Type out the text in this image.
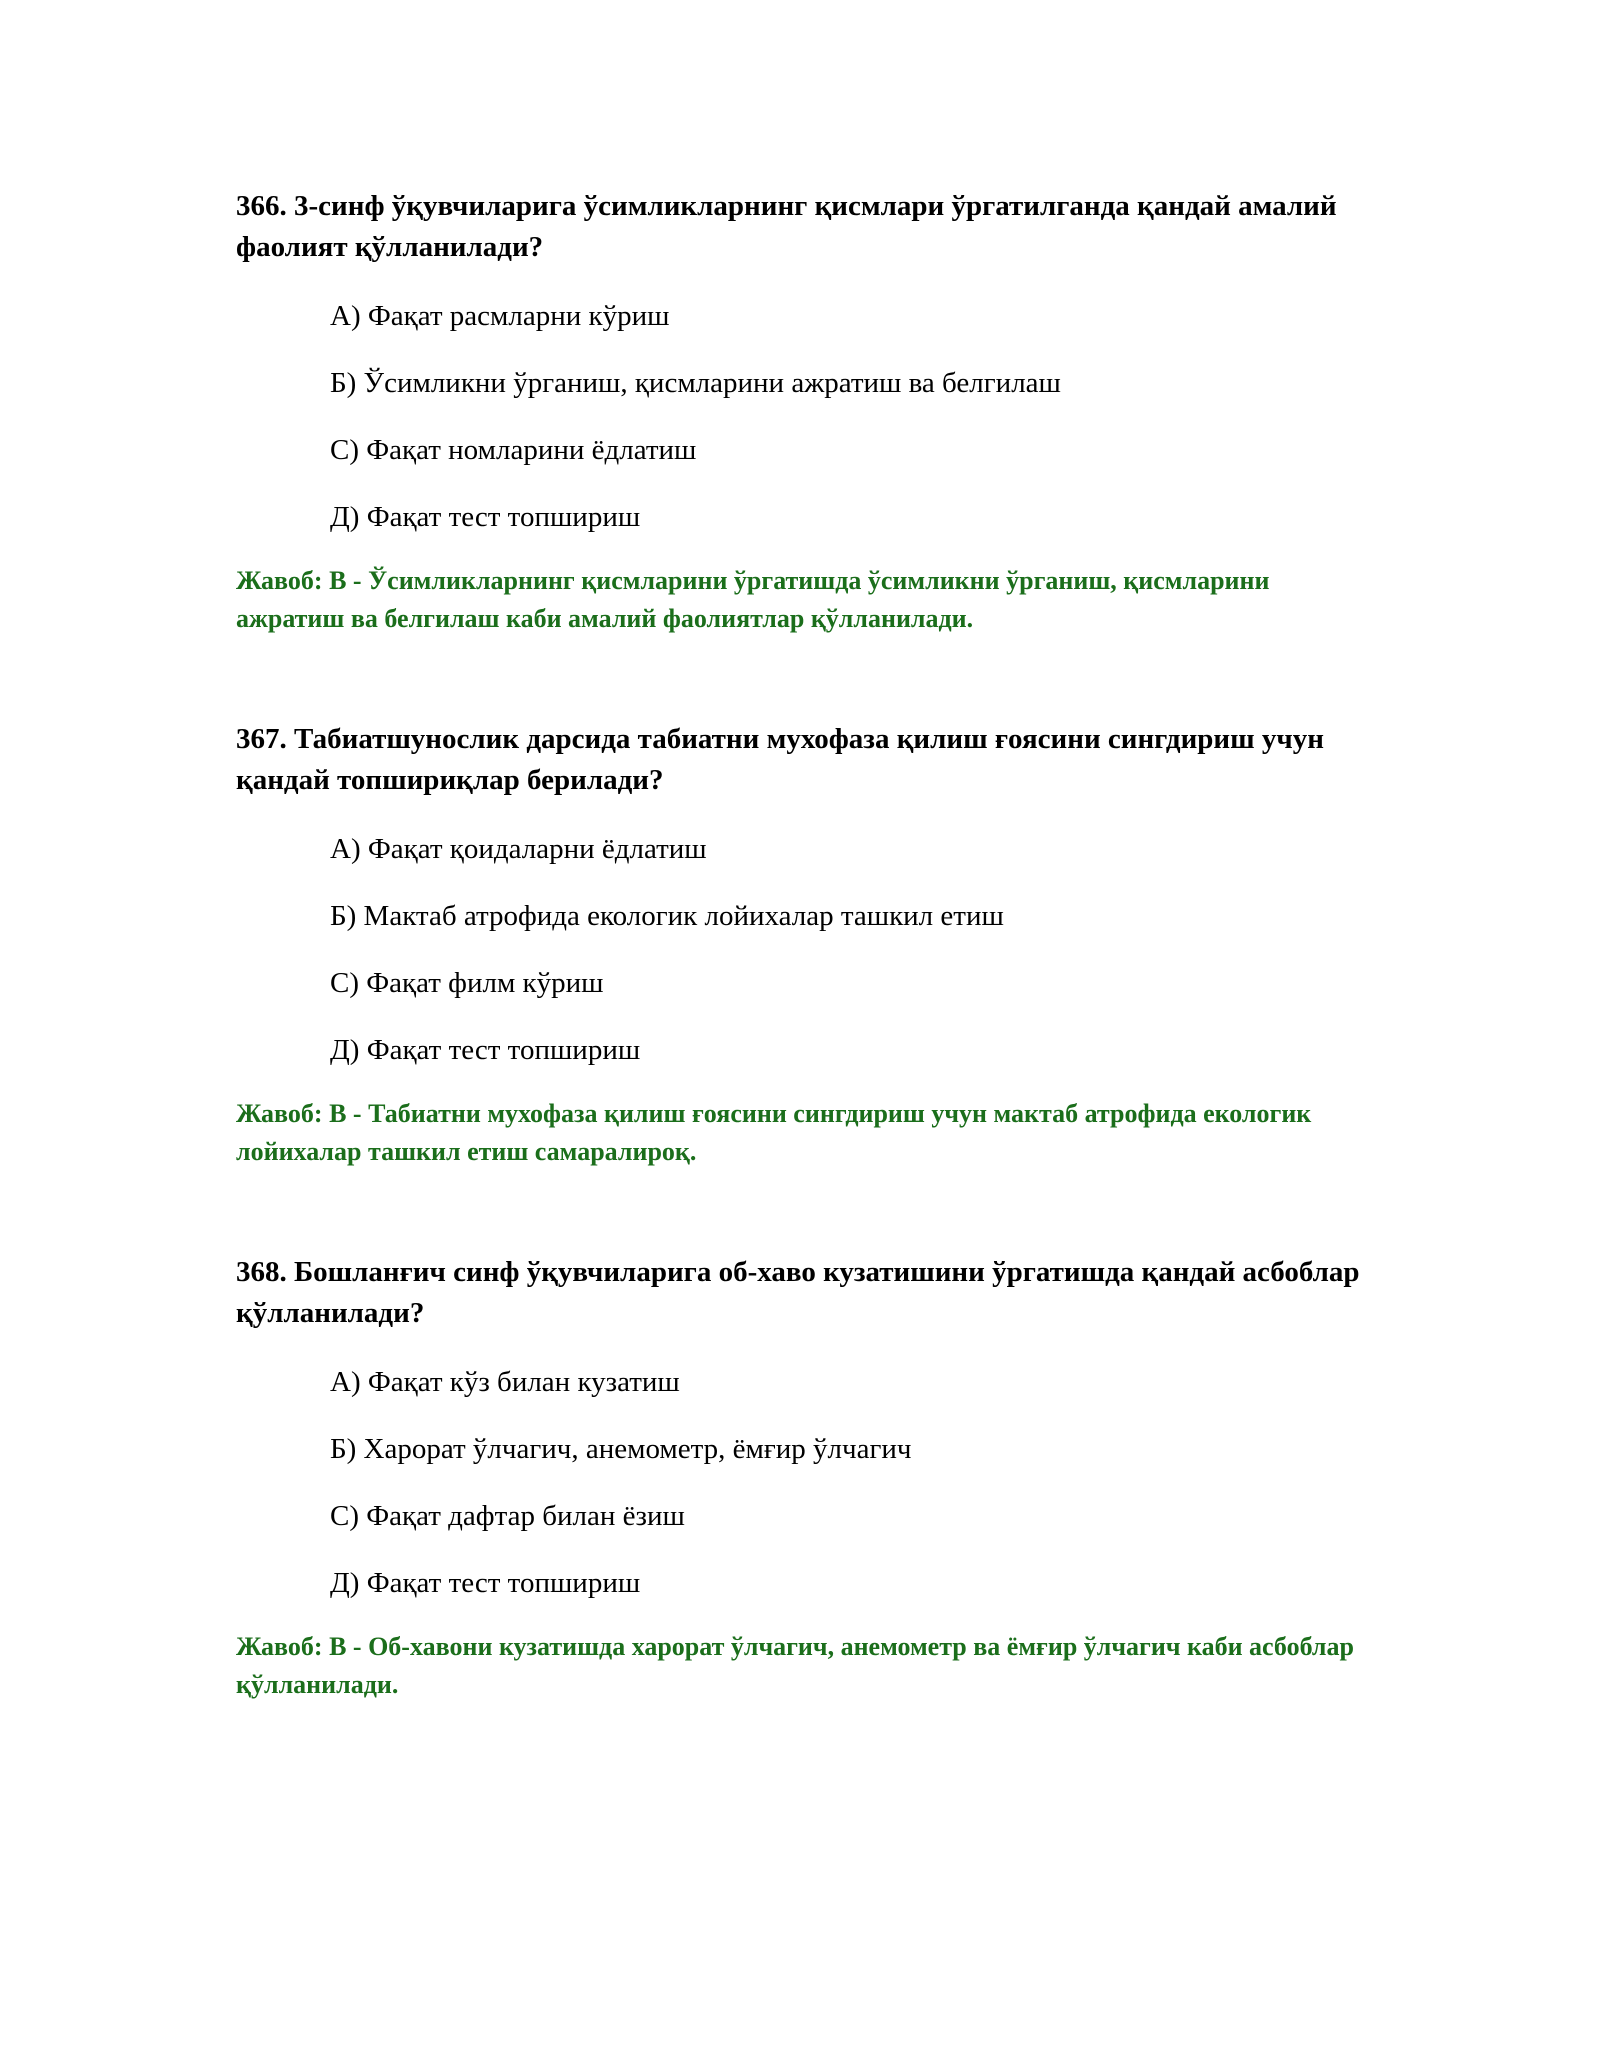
366. 3-синф ўқувчиларига ўсимликларнинг қисмлари ўргатилганда қандай амалий фаолият қўлланилади?
А) Фақат расмларни кўриш
Б) Ўсимликни ўрганиш, қисмларини ажратиш ва белгилаш
С) Фақат номларини ёдлатиш
Д) Фақат тест топшириш
Жавоб: B - Ўсимликларнинг қисмларини ўргатишда ўсимликни ўрганиш, қисмларини ажратиш ва белгилаш каби амалий фаолиятлар қўлланилади.
367. Табиатшунослик дарсида табиатни мухофаза қилиш ғоясини сингдириш учун қандай топшириқлар берилади?
А) Фақат қоидаларни ёдлатиш
Б) Мактаб атрофида екологик лойихалар ташкил етиш
С) Фақат филм кўриш
Д) Фақат тест топшириш
Жавоб: B - Табиатни мухофаза қилиш ғоясини сингдириш учун мактаб атрофида екологик лойихалар ташкил етиш самаралироқ.
368. Бошланғич синф ўқувчиларига об-хаво кузатишини ўргатишда қандай асбоблар қўлланилади?
А) Фақат кўз билан кузатиш
Б) Харорат ўлчагич, анемометр, ёмғир ўлчагич
С) Фақат дафтар билан ёзиш
Д) Фақат тест топшириш
Жавоб: B - Об-хавони кузатишда харорат ўлчагич, анемометр ва ёмғир ўлчагич каби асбоблар қўлланилади.
